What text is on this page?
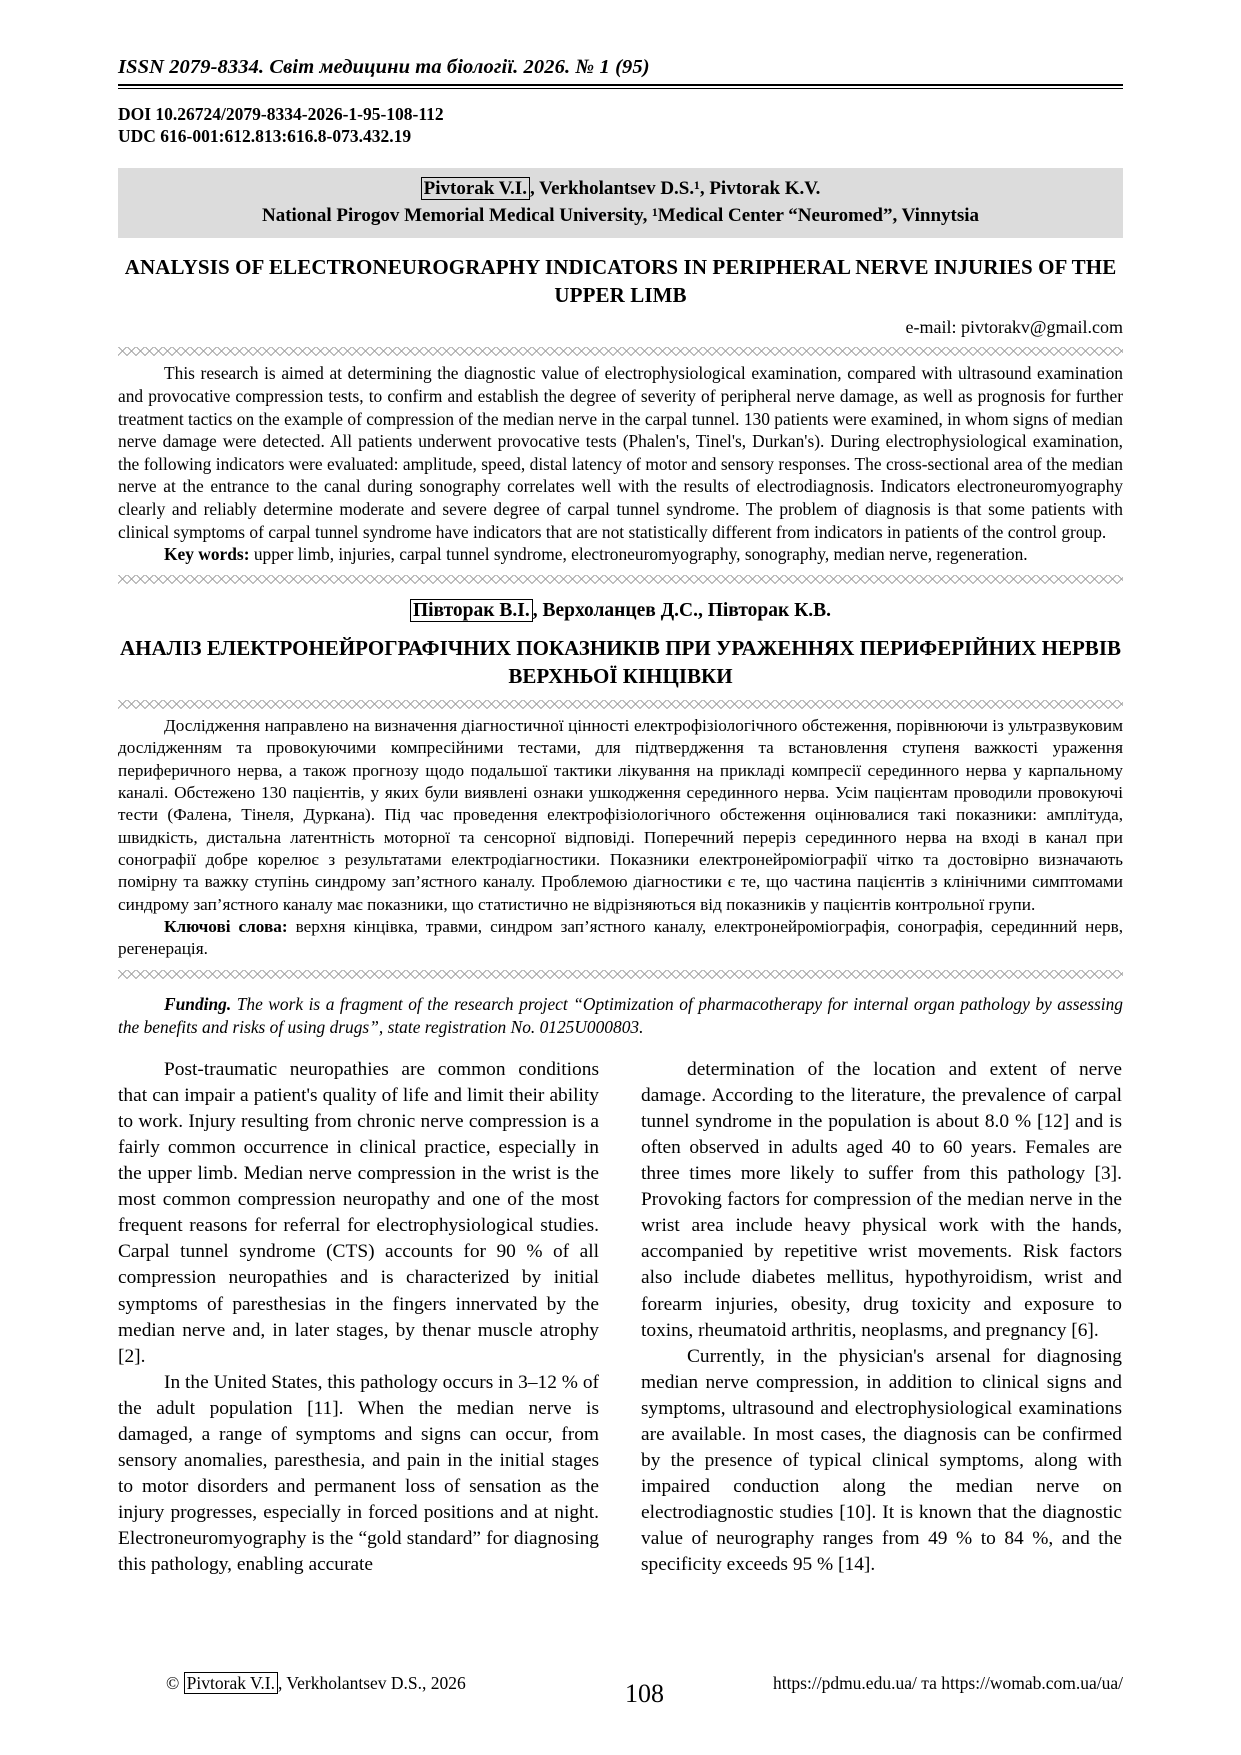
ISSN 2079-8334. Світ медицини та біології. 2026. № 1 (95)
DOI 10.26724/2079-8334-2026-1-95-108-112
UDC 616-001:612.813:616.8-073.432.19
Pivtorak V.I. , Verkholantsev D.S.¹, Pivtorak K.V.
National Pirogov Memorial Medical University, ¹Medical Center “Neuromed”, Vinnytsia
ANALYSIS OF ELECTRONEUROGRAPHY INDICATORS IN PERIPHERAL NERVE INJURIES OF THE UPPER LIMB
e-mail: pivtorakv@gmail.com

This research is aimed at determining the diagnostic value of electrophysiological examination, compared with ultrasound examination and provocative compression tests, to confirm and establish the degree of severity of peripheral nerve damage, as well as prognosis for further treatment tactics on the example of compression of the median nerve in the carpal tunnel. 130 patients were examined, in whom signs of median nerve damage were detected. All patients underwent provocative tests (Phalen's, Tinel's, Durkan's). During electrophysiological examination, the following indicators were evaluated: amplitude, speed, distal latency of motor and sensory responses. The cross-sectional area of the median nerve at the entrance to the canal during sonography correlates well with the results of electrodiagnosis. Indicators electroneuromyography clearly and reliably determine moderate and severe degree of carpal tunnel syndrome. The problem of diagnosis is that some patients with clinical symptoms of carpal tunnel syndrome have indicators that are not statistically different from indicators in patients of the control group.

Key words: upper limb, injuries, carpal tunnel syndrome, electroneuromyography, sonography, median nerve, regeneration.

Півторак В.І. , Верхоланцев Д.С., Півторак К.В.
АНАЛІЗ ЕЛЕКТРОНЕЙРОГРАФІЧНИХ ПОКАЗНИКІВ ПРИ УРАЖЕННЯХ ПЕРИФЕРІЙНИХ НЕРВІВ ВЕРХНЬОЇ КІНЦІВКИ

Дослідження направлено на визначення діагностичної цінності електрофізіологічного обстеження, порівнюючи із ультразвуковим дослідженням та провокуючими компресійними тестами, для підтвердження та встановлення ступеня важкості ураження периферичного нерва, а також прогнозу щодо подальшої тактики лікування на прикладі компресії серединного нерва у карпальному каналі. Обстежено 130 пацієнтів, у яких були виявлені ознаки ушкодження серединного нерва. Усім пацієнтам проводили провокуючі тести (Фалена, Тінеля, Дуркана). Під час проведення електрофізіологічного обстеження оцінювалися такі показники: амплітуда, швидкість, дистальна латентність моторної та сенсорної відповіді. Поперечний переріз серединного нерва на вході в канал при сонографії добре корелює з результатами електродіагностики. Показники електронейроміографії чітко та достовірно визначають помірну та важку ступінь синдрому зап’ястного каналу. Проблемою діагностики є те, що частина пацієнтів з клінічними симптомами синдрому зап’ястного каналу має показники, що статистично не відрізняються від показників у пацієнтів контрольної групи.

Ключові слова: верхня кінцівка, травми, синдром зап’ястного каналу, електронейроміографія, сонографія, серединний нерв, регенерація.

Funding. The work is a fragment of the research project “Optimization of pharmacotherapy for internal organ pathology by assessing the benefits and risks of using drugs”, state registration No. 0125U000803.

Post-traumatic neuropathies are common conditions that can impair a patient's quality of life and limit their ability to work. Injury resulting from chronic nerve compression is a fairly common occurrence in clinical practice, especially in the upper limb. Median nerve compression in the wrist is the most common compression neuropathy and one of the most frequent reasons for referral for electrophysiological studies. Carpal tunnel syndrome (CTS) accounts for 90 % of all compression neuropathies and is characterized by initial symptoms of paresthesias in the fingers innervated by the median nerve and, in later stages, by thenar muscle atrophy [2].

In the United States, this pathology occurs in 3–12 % of the adult population [11]. When the median nerve is damaged, a range of symptoms and signs can occur, from sensory anomalies, paresthesia, and pain in the initial stages to motor disorders and permanent loss of sensation as the injury progresses, especially in forced positions and at night. Electroneuromyography is the “gold standard” for diagnosing this pathology, enabling accurate

determination of the location and extent of nerve damage. According to the literature, the prevalence of carpal tunnel syndrome in the population is about 8.0 % [12] and is often observed in adults aged 40 to 60 years. Females are three times more likely to suffer from this pathology [3]. Provoking factors for compression of the median nerve in the wrist area include heavy physical work with the hands, accompanied by repetitive wrist movements. Risk factors also include diabetes mellitus, hypothyroidism, wrist and forearm injuries, obesity, drug toxicity and exposure to toxins, rheumatoid arthritis, neoplasms, and pregnancy [6].

Currently, in the physician's arsenal for diagnosing median nerve compression, in addition to clinical signs and symptoms, ultrasound and electrophysiological examinations are available. In most cases, the diagnosis can be confirmed by the presence of typical clinical symptoms, along with impaired conduction along the median nerve on electrodiagnostic studies [10]. It is known that the diagnostic value of neurography ranges from 49 % to 84 %, and the specificity exceeds 95 % [14].

© Pivtorak V.I. , Verkholantsev D.S., 2026	108	https://pdmu.edu.ua/ та https://womab.com.ua/ua/
